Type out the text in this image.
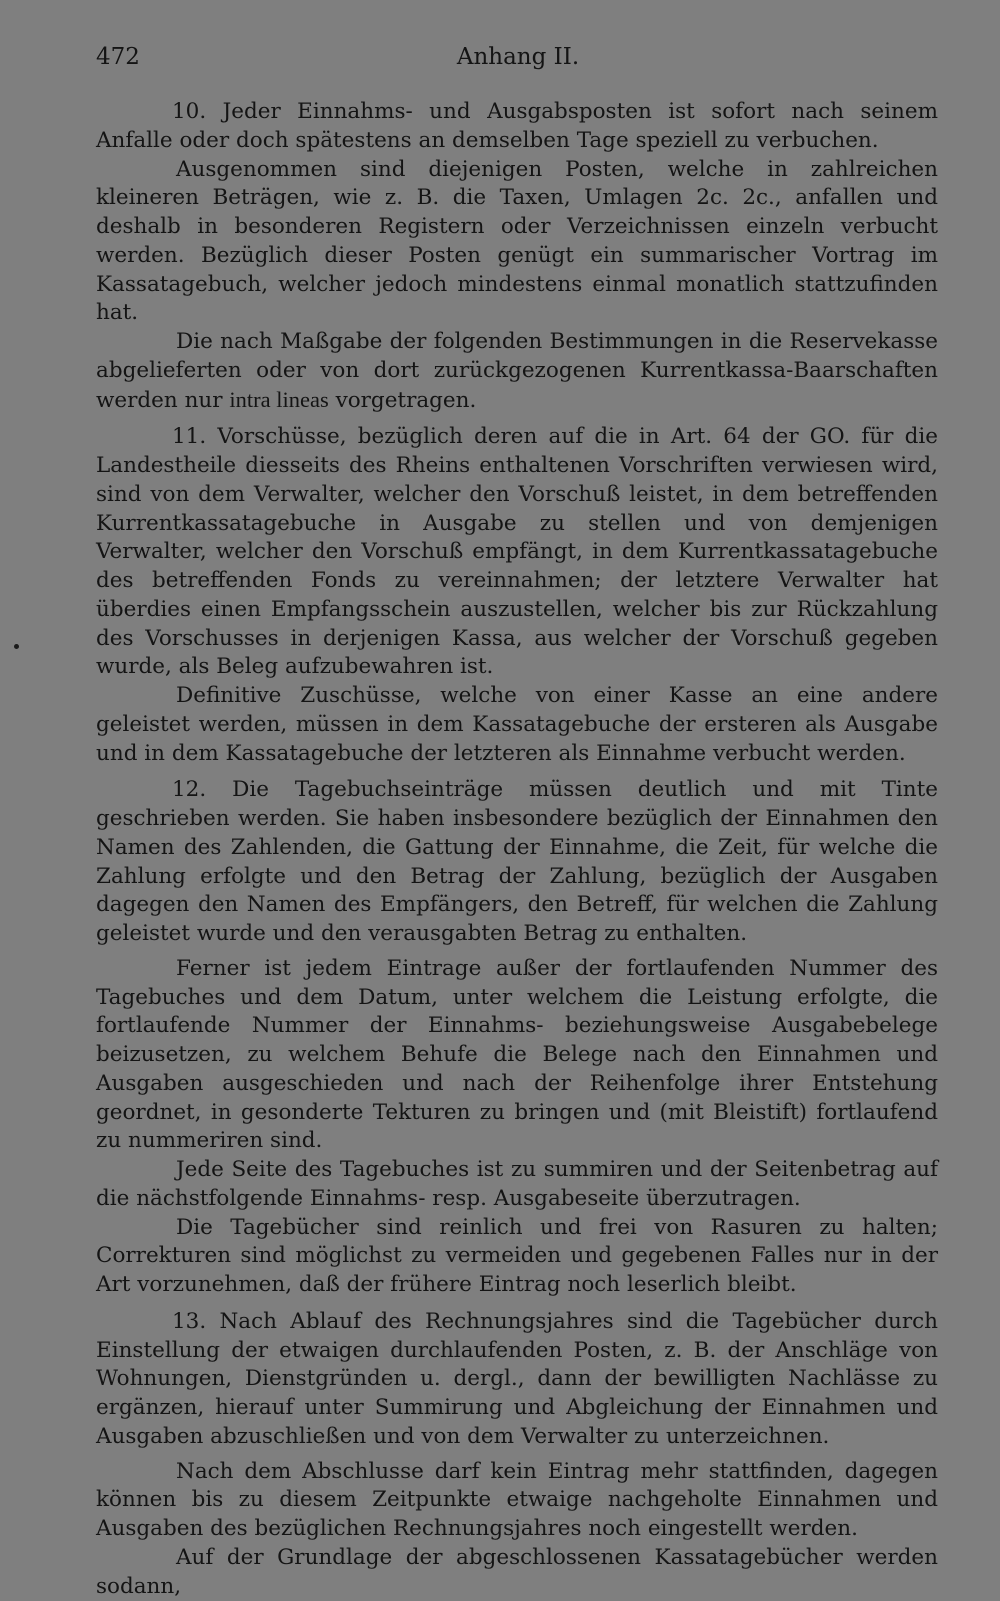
472	Anhang II.

10. Jeder Einnahms- und Ausgabsposten ist sofort nach seinem Anfalle oder doch spätestens an demselben Tage speziell zu verbuchen.

Ausgenommen sind diejenigen Posten, welche in zahlreichen kleineren Beträgen, wie z. B. die Taxen, Umlagen 2c. 2c., anfallen und deshalb in besonderen Registern oder Verzeichnissen einzeln verbucht werden. Bezüglich dieser Posten genügt ein summarischer Vortrag im Kassatagebuch, welcher jedoch mindestens einmal monatlich stattzufinden hat.

Die nach Maßgabe der folgenden Bestimmungen in die Reservekasse abgelieferten oder von dort zurückgezogenen Kurrentkassa-Baarschaften werden nur intra lineas vorgetragen.

11. Vorschüsse, bezüglich deren auf die in Art. 64 der GO. für die Landestheile diesseits des Rheins enthaltenen Vorschriften verwiesen wird, sind von dem Verwalter, welcher den Vorschuß leistet, in dem betreffenden Kurrentkassatagebuche in Ausgabe zu stellen und von demjenigen Verwalter, welcher den Vorschuß empfängt, in dem Kurrentkassatagebuche des betreffenden Fonds zu vereinnahmen; der letztere Verwalter hat überdies einen Empfangsschein auszustellen, welcher bis zur Rückzahlung des Vorschusses in derjenigen Kassa, aus welcher der Vorschuß gegeben wurde, als Beleg aufzubewahren ist.

Definitive Zuschüsse, welche von einer Kasse an eine andere geleistet werden, müssen in dem Kassatagebuche der ersteren als Ausgabe und in dem Kassatagebuche der letzteren als Einnahme verbucht werden.

12. Die Tagebuchseinträge müssen deutlich und mit Tinte geschrieben werden. Sie haben insbesondere bezüglich der Einnahmen den Namen des Zahlenden, die Gattung der Einnahme, die Zeit, für welche die Zahlung erfolgte und den Betrag der Zahlung, bezüglich der Ausgaben dagegen den Namen des Empfängers, den Betreff, für welchen die Zahlung geleistet wurde und den verausgabten Betrag zu enthalten.

Ferner ist jedem Eintrage außer der fortlaufenden Nummer des Tagebuches und dem Datum, unter welchem die Leistung erfolgte, die fortlaufende Nummer der Einnahms- beziehungsweise Ausgabebelege beizusetzen, zu welchem Behufe die Belege nach den Einnahmen und Ausgaben ausgeschieden und nach der Reihenfolge ihrer Entstehung geordnet, in gesonderte Tekturen zu bringen und (mit Bleistift) fortlaufend zu nummeriren sind.

Jede Seite des Tagebuches ist zu summiren und der Seitenbetrag auf die nächstfolgende Einnahms- resp. Ausgabeseite überzutragen.

Die Tagebücher sind reinlich und frei von Rasuren zu halten; Correkturen sind möglichst zu vermeiden und gegebenen Falles nur in der Art vorzunehmen, daß der frühere Eintrag noch leserlich bleibt.

13. Nach Ablauf des Rechnungsjahres sind die Tagebücher durch Einstellung der etwaigen durchlaufenden Posten, z. B. der Anschläge von Wohnungen, Dienstgründen u. dergl., dann der bewilligten Nachlässe zu ergänzen, hierauf unter Summirung und Abgleichung der Einnahmen und Ausgaben abzuschließen und von dem Verwalter zu unterzeichnen.

Nach dem Abschlusse darf kein Eintrag mehr stattfinden, dagegen können bis zu diesem Zeitpunkte etwaige nachgeholte Einnahmen und Ausgaben des bezüglichen Rechnungsjahres noch eingestellt werden.

Auf der Grundlage der abgeschlossenen Kassatagebücher werden sodann,
